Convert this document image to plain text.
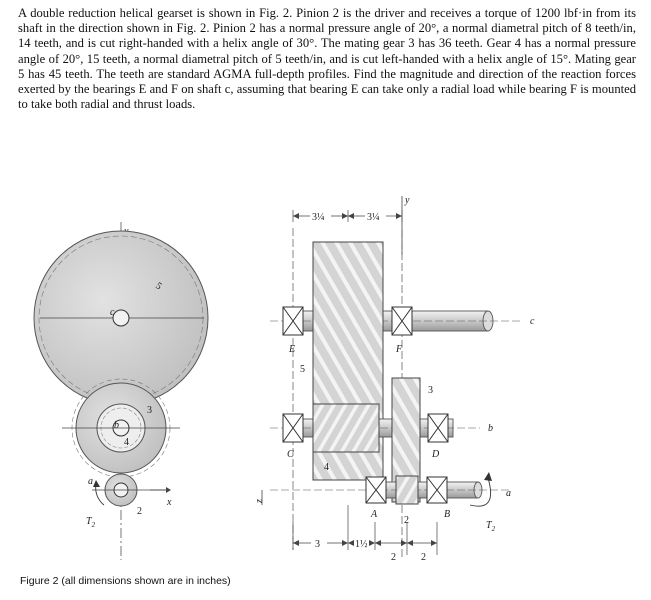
A double reduction helical gearset is shown in Fig. 2. Pinion 2 is the driver and receives a torque of 1200 lbf·in from its shaft in the direction shown in Fig. 2. Pinion 2 has a normal pressure angle of 20°, a normal diametral pitch of 8 teeth/in, 14 teeth, and is cut right-handed with a helix angle of 30°. The mating gear 3 has 36 teeth. Gear 4 has a normal pressure angle of 20°, 15 teeth, a normal diametral pitch of 5 teeth/in, and is cut left-handed with a helix angle of 15°. Mating gear 5 has 45 teeth. The teeth are standard AGMA full-depth profiles. Find the magnitude and direction of the reaction forces exerted by the bearings E and F on shaft c, assuming that bearing E can take only a radial load while bearing F is mounted to take both radial and thrust loads.

c
5
b
3
4
x
a
2
$T_2$
y
3¼	3¼
c
5
E	F
b
4
3
C	D
a
2
A	B
$T_2$
z
3	1½
2	2
Figure 2 (all dimensions shown are in inches)
